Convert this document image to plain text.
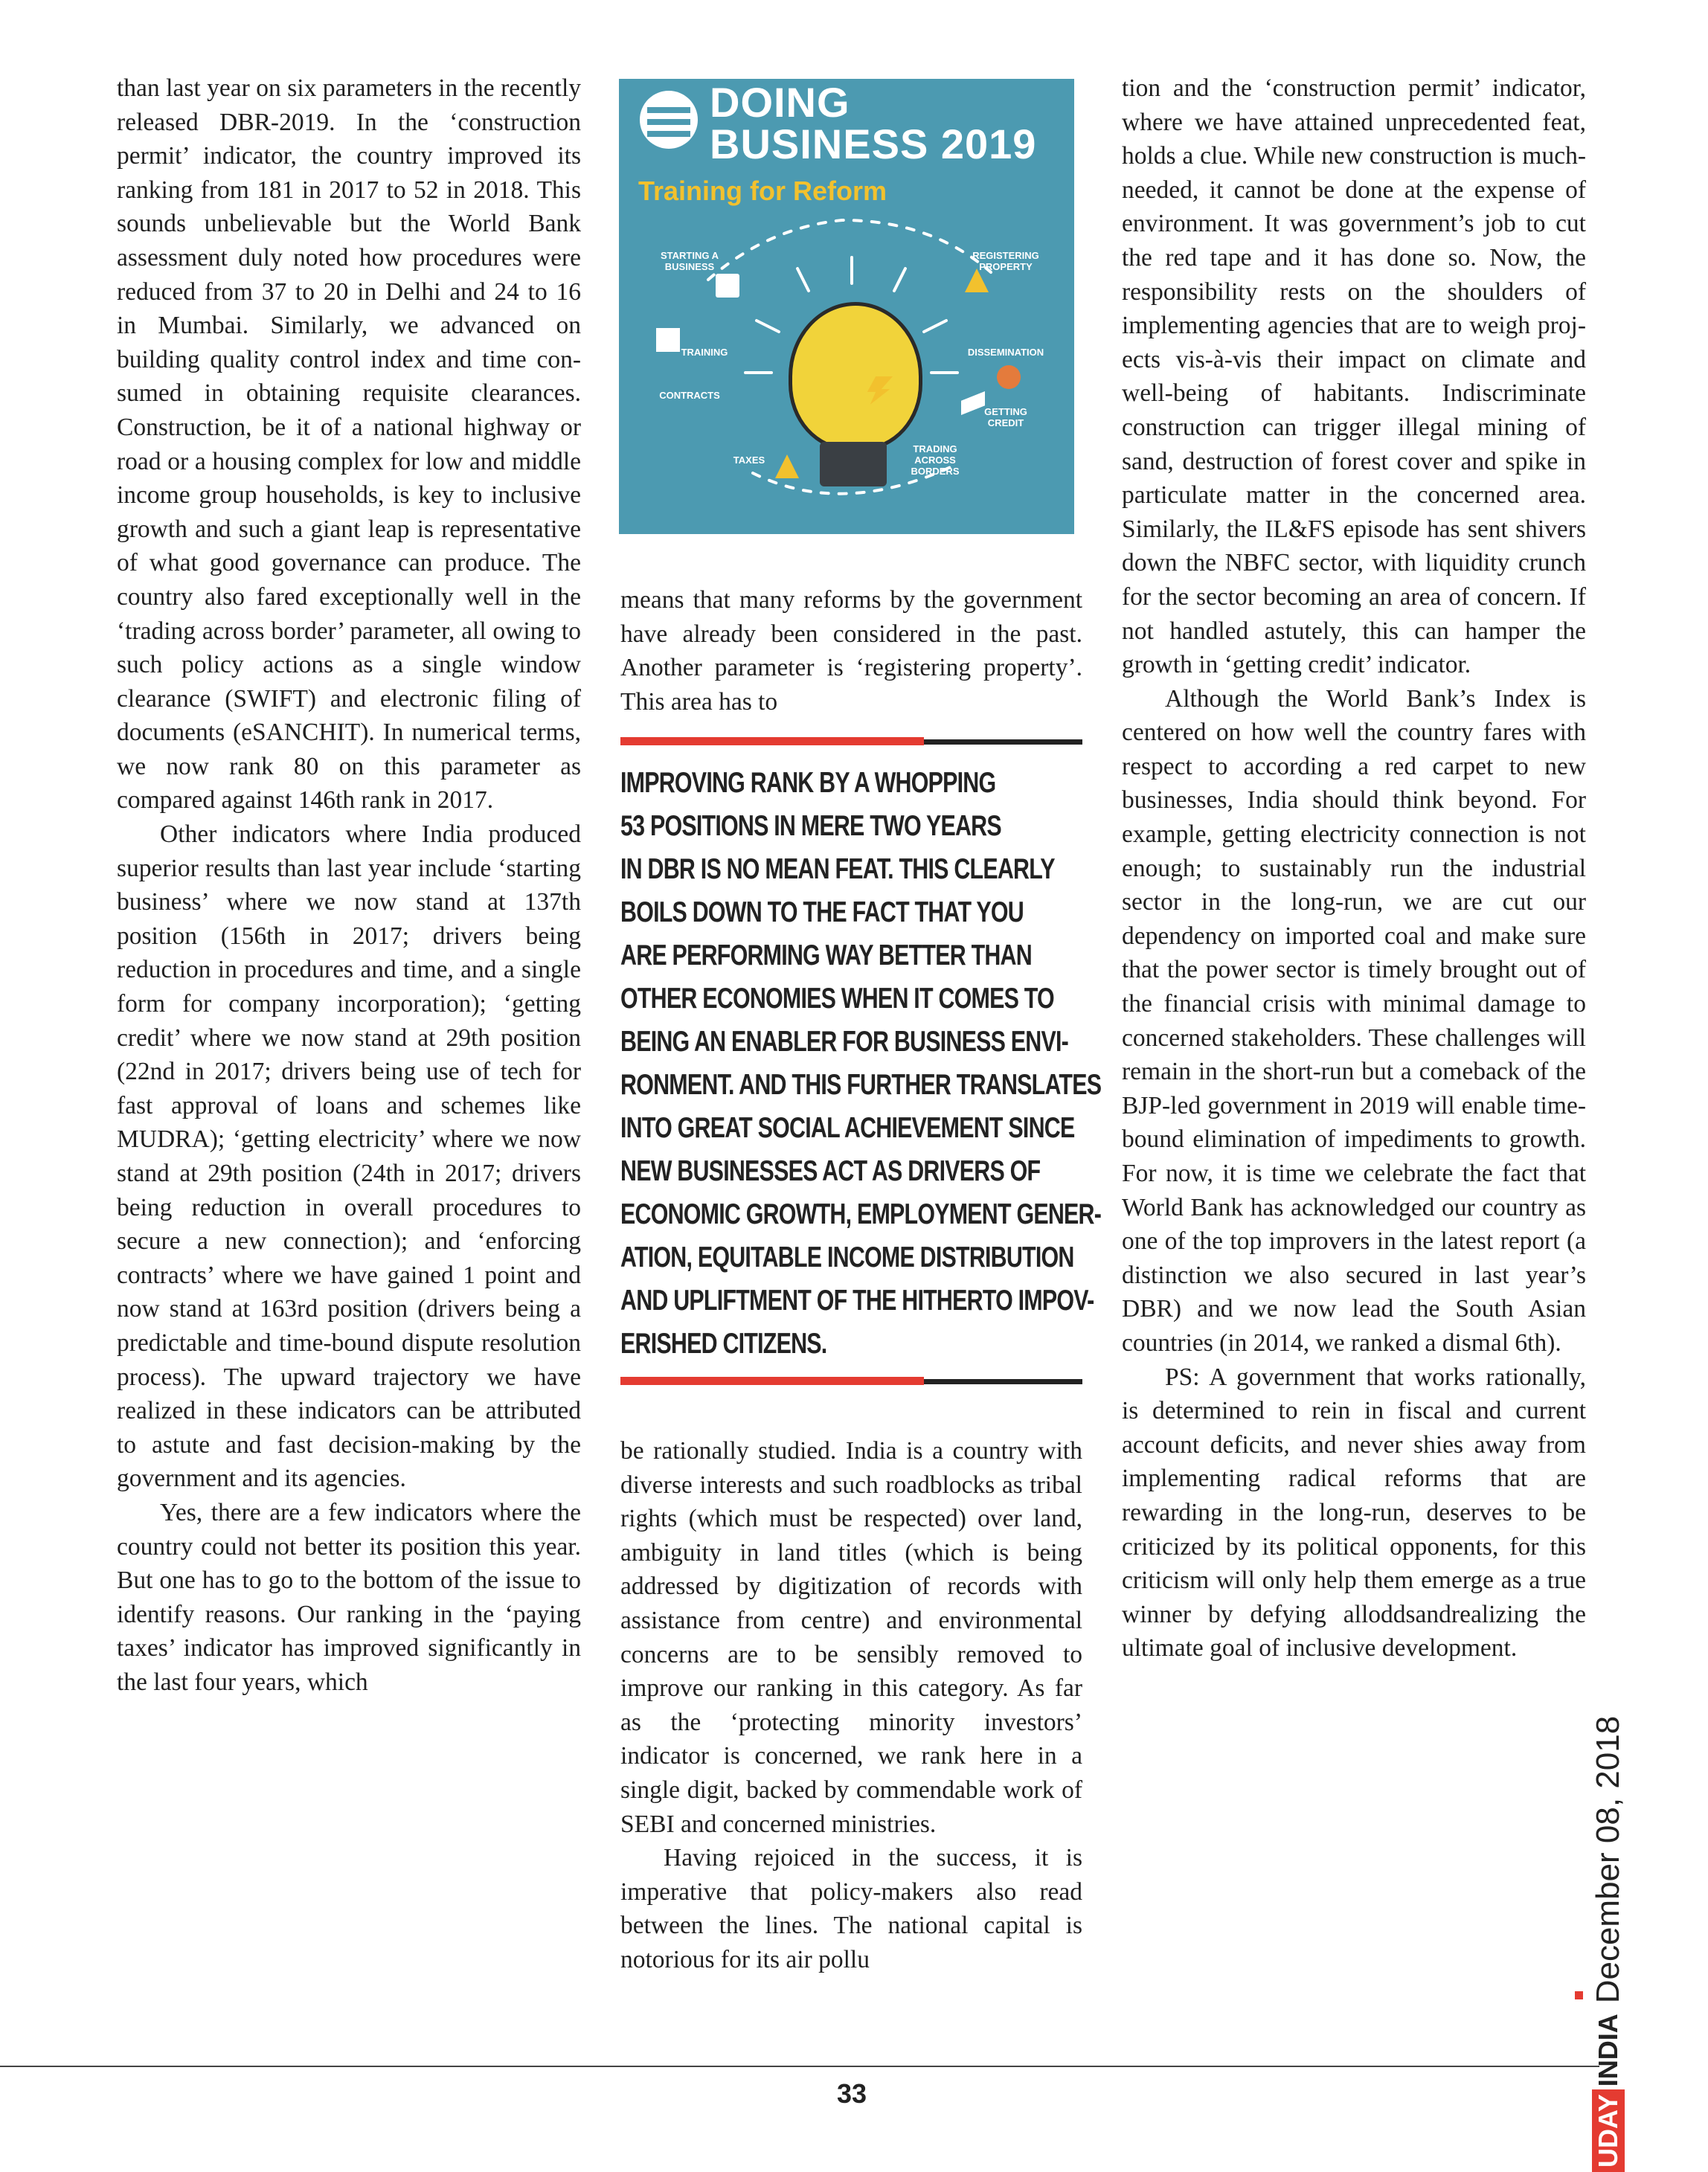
than last year on six parameters in the recently released DBR-2019. In the ‘construction permit’ indicator, the country improved its ranking from 181 in 2017 to 52 in 2018. This sounds unbelievable but the World Bank assessment duly noted how procedures were reduced from 37 to 20 in Delhi and 24 to 16 in Mumbai. Similarly, we advanced on building quality control index and time consumed in obtaining requisite clearances. Construction, be it of a national highway or road or a housing complex for low and middle income group households, is key to inclusive growth and such a giant leap is representative of what good governance can produce. The country also fared exceptionally well in the ‘trading across border’ parameter, all owing to such policy actions as a single window clearance (SWIFT) and electronic filing of documents (eSANCHIT). In numerical terms, we now rank 80 on this parameter as compared against 146th rank in 2017.

Other indicators where India produced superior results than last year include ‘starting business’ where we now stand at 137th position (156th in 2017; drivers being reduction in procedures and time, and a single form for company incorporation); ‘getting credit’ where we now stand at 29th position (22nd in 2017; drivers being use of tech for fast approval of loans and schemes like MUDRA); ‘getting electricity’ where we now stand at 29th position (24th in 2017; drivers being reduction in overall procedures to secure a new connection); and ‘enforcing contracts’ where we have gained 1 point and now stand at 163rd position (drivers being a predictable and time-bound dispute resolution process). The upward trajectory we have realized in these indicators can be attributed to astute and fast decision-making by the government and its agencies.

Yes, there are a few indicators where the country could not better its position this year. But one has to go to the bottom of the issue to identify reasons. Our ranking in the ‘paying taxes’ indicator has improved significantly in the last four years, which

DOING
BUSINESS 2019
Training for Reform
STARTING A BUSINESS
REGISTERING PROPERTY
TRAINING	DISSEMINATION
CONTRACTS
GETTING CREDIT
TAXES
TRADING ACROSS BORDERS

means that many reforms by the government have already been considered in the past. Another parameter is ‘registering property’. This area has to

IMPROVING RANK BY A WHOPPING
53 POSITIONS IN MERE TWO YEARS
IN DBR IS NO MEAN FEAT. THIS CLEARLY
BOILS DOWN TO THE FACT THAT YOU
ARE PERFORMING WAY BETTER THAN
OTHER ECONOMIES WHEN IT COMES TO
BEING AN ENABLER FOR BUSINESS ENVI-
RONMENT. AND THIS FURTHER TRANSLATES
INTO GREAT SOCIAL ACHIEVEMENT SINCE
NEW BUSINESSES ACT AS DRIVERS OF
ECONOMIC GROWTH, EMPLOYMENT GENER-
ATION, EQUITABLE INCOME DISTRIBUTION
AND UPLIFTMENT OF THE HITHERTO IMPOV-
ERISHED CITIZENS.

be rationally studied. India is a country with diverse interests and such roadblocks as tribal rights (which must be respected) over land, ambiguity in land titles (which is being addressed by digitization of records with assistance from centre) and environmental concerns are to be sensibly removed to improve our ranking in this category. As far as the ‘protecting minority investors’ indicator is concerned, we rank here in a single digit, backed by commendable work of SEBI and concerned ministries.

Having rejoiced in the success, it is imperative that policy-makers also read between the lines. The national capital is notorious for its air pollu

tion and the ‘construction permit’ indicator, where we have attained unprecedented feat, holds a clue. While new construction is much-needed, it cannot be done at the expense of environment. It was government’s job to cut the red tape and it has done so. Now, the responsibility rests on the shoulders of implementing agencies that are to weigh projects vis-à-vis their impact on climate and well-being of habitants. Indiscriminate construction can trigger illegal mining of sand, destruction of forest cover and spike in particulate matter in the concerned area. Similarly, the IL&FS episode has sent shivers down the NBFC sector, with liquidity crunch for the sector becoming an area of concern. If not handled astutely, this can hamper the growth in ‘getting credit’ indicator.

Although the World Bank’s Index is centered on how well the country fares with respect to according a red carpet to new businesses, India should think beyond. For example, getting electricity connection is not enough; to sustainably run the industrial sector in the long-run, we are cut our dependency on imported coal and make sure that the power sector is timely brought out of the financial crisis with minimal damage to concerned stakeholders. These challenges will remain in the short-run but a comeback of the BJP-led government in 2019 will enable time-bound elimination of impediments to growth. For now, it is time we celebrate the fact that World Bank has acknowledged our country as one of the top improvers in the latest report (a distinction we also secured in last year’s DBR) and we now lead the South Asian countries (in 2014, we ranked a dismal 6th).

PS: A government that works rationally, is determined to rein in fiscal and current account deficits, and never shies away from implementing radical reforms that are rewarding in the long-run, deserves to be criticized by its political opponents, for this criticism will only help them emerge as a true winner by defying alloddsandrealizing the ultimate goal of inclusive development.

33
UDAYINDIADecember 08, 2018
